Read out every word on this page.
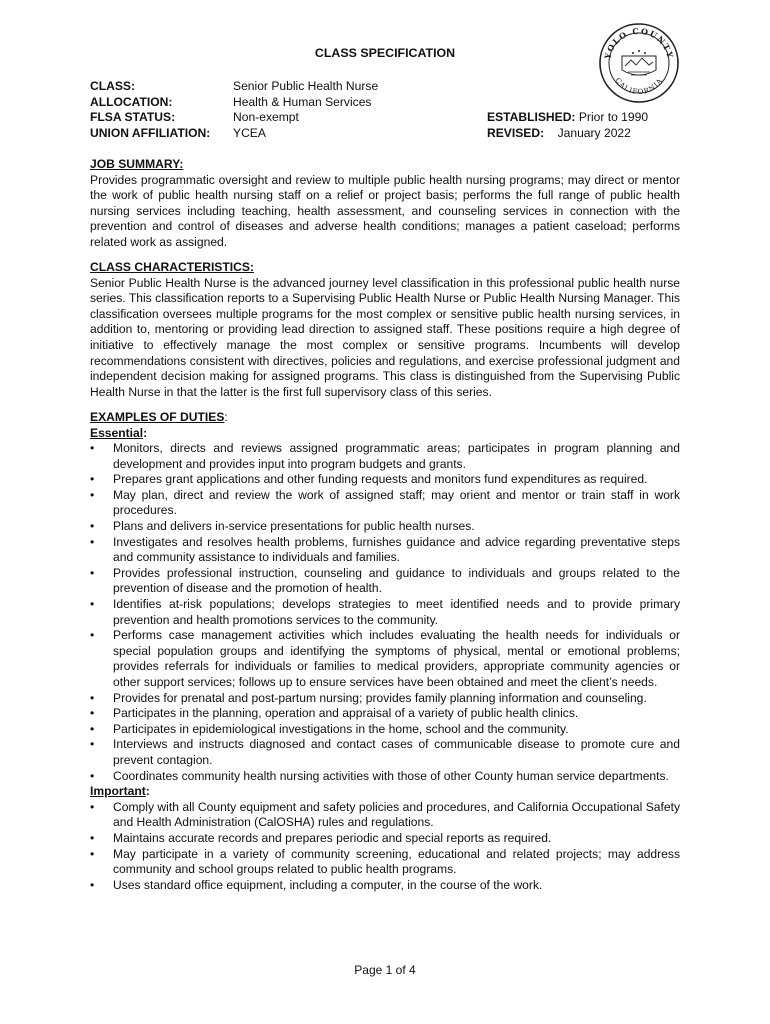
CLASS SPECIFICATION	YOLO COUNTY
CALIFORNIA
CLASS:	Senior Public Health Nurse
ALLOCATION:	Health & Human Services
FLSA STATUS:	Non-exempt	ESTABLISHED: Prior to 1990
UNION AFFILIATION: YCEA	REVISED: January 2022
JOB SUMMARY:
Provides programmatic oversight and review to multiple public health nursing programs; may direct or mentor the work of public health nursing staff on a relief or project basis; performs the full range of public health nursing services including teaching, health assessment, and counseling services in connection with the prevention and control of diseases and adverse health conditions; manages a patient caseload; performs related work as assigned.
CLASS CHARACTERISTICS:
Senior Public Health Nurse is the advanced journey level classification in this professional public health nurse series. This classification reports to a Supervising Public Health Nurse or Public Health Nursing Manager. This classification oversees multiple programs for the most complex or sensitive public health nursing services, in addition to, mentoring or providing lead direction to assigned staff. These positions require a high degree of initiative to effectively manage the most complex or sensitive programs. Incumbents will develop recommendations consistent with directives, policies and regulations, and exercise professional judgment and independent decision making for assigned programs. This class is distinguished from the Supervising Public Health Nurse in that the latter is the first full supervisory class of this series.
EXAMPLES OF DUTIES:
Essential:
• Monitors, directs and reviews assigned programmatic areas; participates in program planning and development and provides input into program budgets and grants.
• Prepares grant applications and other funding requests and monitors fund expenditures as required.
• May plan, direct and review the work of assigned staff; may orient and mentor or train staff in work procedures.
• Plans and delivers in-service presentations for public health nurses.
• Investigates and resolves health problems, furnishes guidance and advice regarding preventative steps and community assistance to individuals and families.
• Provides professional instruction, counseling and guidance to individuals and groups related to the prevention of disease and the promotion of health.
• Identifies at-risk populations; develops strategies to meet identified needs and to provide primary prevention and health promotions services to the community.
• Performs case management activities which includes evaluating the health needs for individuals or special population groups and identifying the symptoms of physical, mental or emotional problems; provides referrals for individuals or families to medical providers, appropriate community agencies or other support services; follows up to ensure services have been obtained and meet the client’s needs.
• Provides for prenatal and post-partum nursing; provides family planning information and counseling.
• Participates in the planning, operation and appraisal of a variety of public health clinics.
• Participates in epidemiological investigations in the home, school and the community.
• Interviews and instructs diagnosed and contact cases of communicable disease to promote cure and prevent contagion.
• Coordinates community health nursing activities with those of other County human service departments.
Important:
• Comply with all County equipment and safety policies and procedures, and California Occupational Safety and Health Administration (CalOSHA) rules and regulations.
• Maintains accurate records and prepares periodic and special reports as required.
• May participate in a variety of community screening, educational and related projects; may address community and school groups related to public health programs.
• Uses standard office equipment, including a computer, in the course of the work.
Page 1 of 4
